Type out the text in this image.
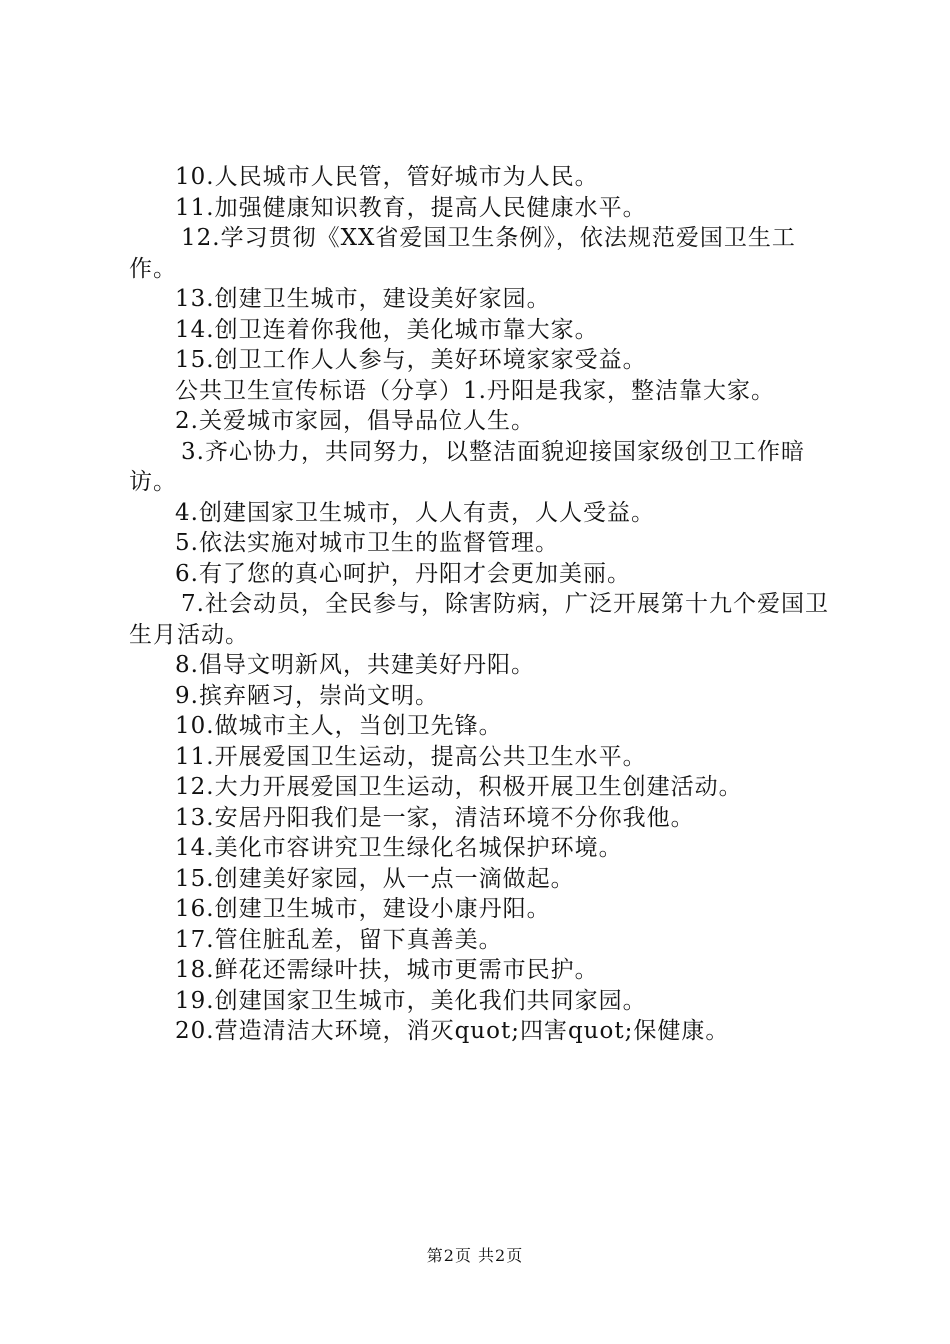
10.人民城市人民管，管好城市为人民。

11.加强健康知识教育，提高人民健康水平。

12.学习贯彻《XX省爱国卫生条例》，依法规范爱国卫生工作。

13.创建卫生城市，建设美好家园。

14.创卫连着你我他，美化城市靠大家。

15.创卫工作人人参与，美好环境家家受益。

公共卫生宣传标语（分享）1.丹阳是我家，整洁靠大家。

2.关爱城市家园，倡导品位人生。

3.齐心协力，共同努力，以整洁面貌迎接国家级创卫工作暗访。

4.创建国家卫生城市，人人有责，人人受益。

5.依法实施对城市卫生的监督管理。

6.有了您的真心呵护，丹阳才会更加美丽。

7.社会动员，全民参与，除害防病，广泛开展第十九个爱国卫生月活动。

8.倡导文明新风，共建美好丹阳。

9.摈弃陋习，崇尚文明。

10.做城市主人，当创卫先锋。

11.开展爱国卫生运动，提高公共卫生水平。

12.大力开展爱国卫生运动，积极开展卫生创建活动。

13.安居丹阳我们是一家，清洁环境不分你我他。

14.美化市容讲究卫生绿化名城保护环境。

15.创建美好家园，从一点一滴做起。

16.创建卫生城市，建设小康丹阳。

17.管住脏乱差，留下真善美。

18.鲜花还需绿叶扶，城市更需市民护。

19.创建国家卫生城市，美化我们共同家园。

20.营造清洁大环境，消灭quot;四害quot;保健康。

第2页 共2页
